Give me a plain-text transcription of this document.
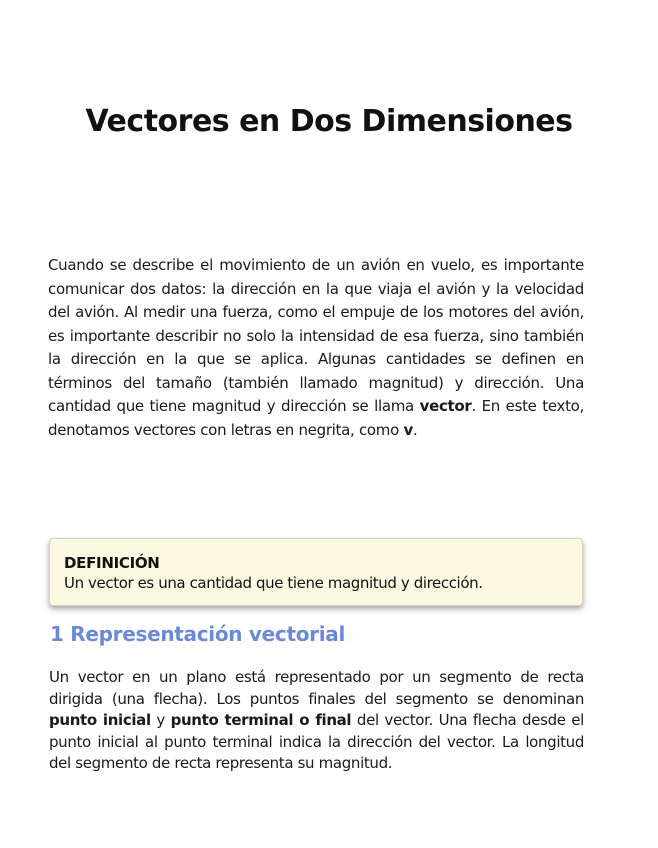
Vectores en Dos Dimensiones

Cuando se describe el movimiento de un avión en vuelo, es importante comunicar dos datos: la dirección en la que viaja el avión y la velocidad del avión. Al medir una fuerza, como el empuje de los motores del avión, es importante describir no solo la intensidad de esa fuerza, sino también la dirección en la que se aplica. Algunas cantidades se definen en términos del tamaño (también llamado magnitud) y dirección. Una cantidad que tiene magnitud y dirección se llama vector. En este texto, denotamos vectores con letras en negrita, como v.

DEFINICIÓN
Un vector es una cantidad que tiene magnitud y dirección.
1 Representación vectorial

Un vector en un plano está representado por un segmento de recta dirigida (una flecha). Los puntos finales del segmento se denominan punto inicial y punto terminal o final del vector. Una flecha desde el punto inicial al punto terminal indica la dirección del vector. La longitud del segmento de recta representa su magnitud.
